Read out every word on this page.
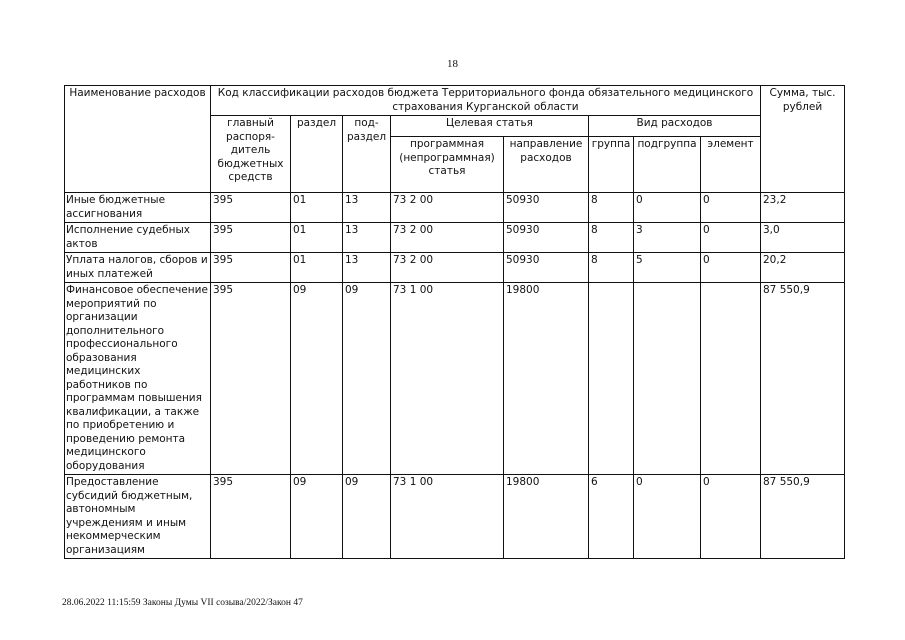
18
Наименование расходов	Код классификации расходов бюджета Территориального фонда обязательного медицинского страхования Курганской области								Сумма, тыс. рублей
	главный распоря-дитель бюджетных средств	раздел	под-раздел	Целевая статья		Вид расходов			
				программная (непрограммная) статья	направление расходов	группа	подгруппа	элемент	
Иные бюджетные ассигнования	395	01	13	73 2 00	50930	8	0	0	23,2
Исполнение судебных актов	395	01	13	73 2 00	50930	8	3	0	3,0
Уплата налогов, сборов и иных платежей	395	01	13	73 2 00	50930	8	5	0	20,2
Финансовое обеспечение мероприятий по организации дополнительного профессионального образования медицинских работников по программам повышения квалификации, а также по приобретению и проведению ремонта медицинского оборудования	395	09	09	73 1 00	19800				87 550,9
Предоставление субсидий бюджетным, автономным учреждениям и иным некоммерческим организациям	395	09	09	73 1 00	19800	6	0	0	87 550,9
28.06.2022 11:15:59 Законы Думы VII созыва/2022/Закон 47
